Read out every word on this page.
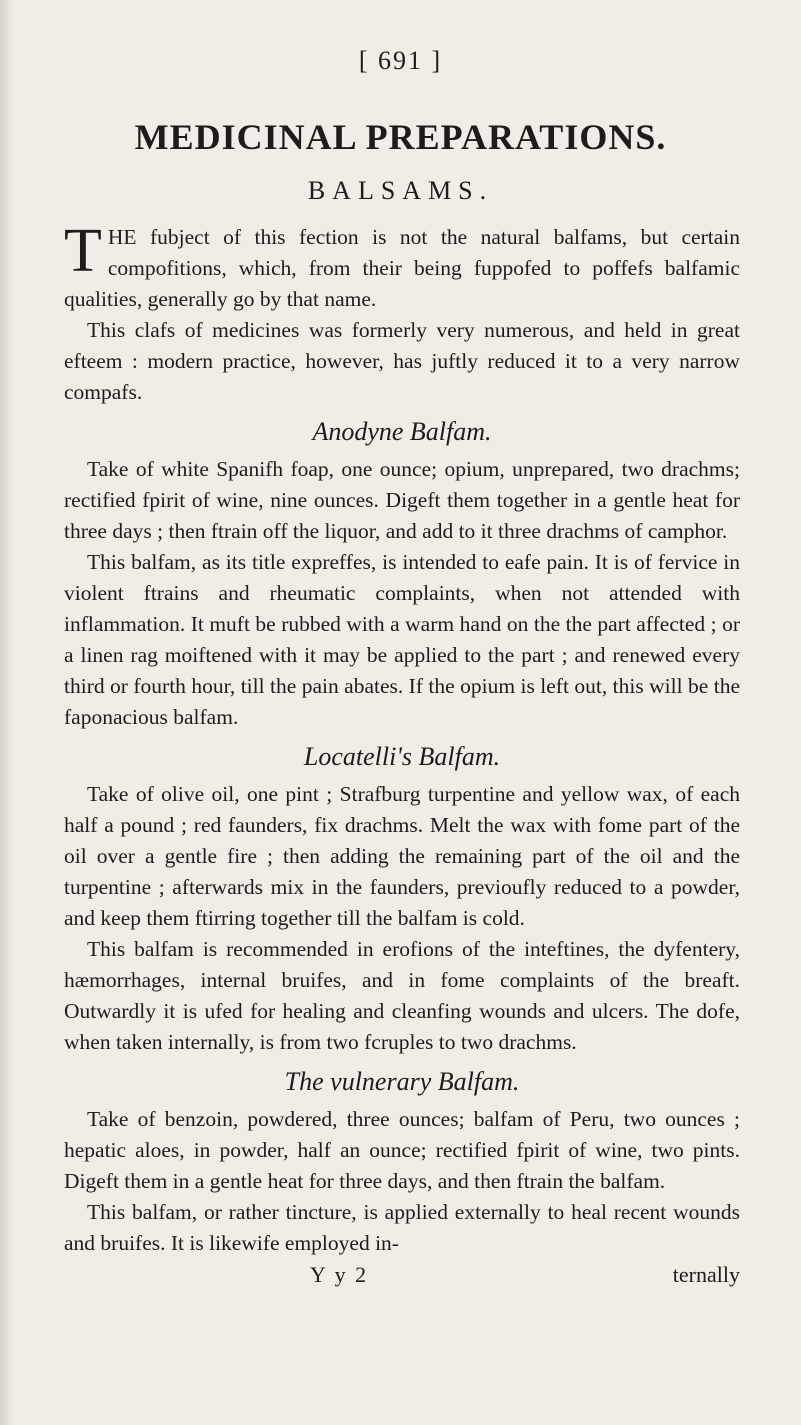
[ 691 ]
MEDICINAL PREPARATIONS.
BALSAMS.

THE fubject of this fection is not the natural balfams, but certain compofitions, which, from their being fuppofed to poffefs balfamic qualities, generally go by that name.

This clafs of medicines was formerly very numerous, and held in great efteem : modern practice, however, has juftly reduced it to a very narrow compafs.

Anodyne Balfam.

Take of white Spanifh foap, one ounce; opium, unprepared, two drachms; rectified fpirit of wine, nine ounces. Digeft them together in a gentle heat for three days ; then ftrain off the liquor, and add to it three drachms of camphor.

This balfam, as its title expreffes, is intended to eafe pain. It is of fervice in violent ftrains and rheumatic complaints, when not attended with inflammation. It muft be rubbed with a warm hand on the the part affected ; or a linen rag moiftened with it may be applied to the part ; and renewed every third or fourth hour, till the pain abates. If the opium is left out, this will be the faponacious balfam.

Locatelli's Balfam.

Take of olive oil, one pint ; Strafburg turpentine and yellow wax, of each half a pound ; red faunders, fix drachms. Melt the wax with fome part of the oil over a gentle fire ; then adding the remaining part of the oil and the turpentine ; afterwards mix in the faunders, previoufly reduced to a powder, and keep them ftirring together till the balfam is cold.

This balfam is recommended in erofions of the inteftines, the dyfentery, hæmorrhages, internal bruifes, and in fome complaints of the breaft. Outwardly it is ufed for healing and cleanfing wounds and ulcers. The dofe, when taken internally, is from two fcruples to two drachms.

The vulnerary Balfam.

Take of benzoin, powdered, three ounces; balfam of Peru, two ounces ; hepatic aloes, in powder, half an ounce; rectified fpirit of wine, two pints. Digeft them in a gentle heat for three days, and then ftrain the balfam.

This balfam, or rather tincture, is applied externally to heal recent wounds and bruifes. It is likewife employed in-

Y y 2	ternally
